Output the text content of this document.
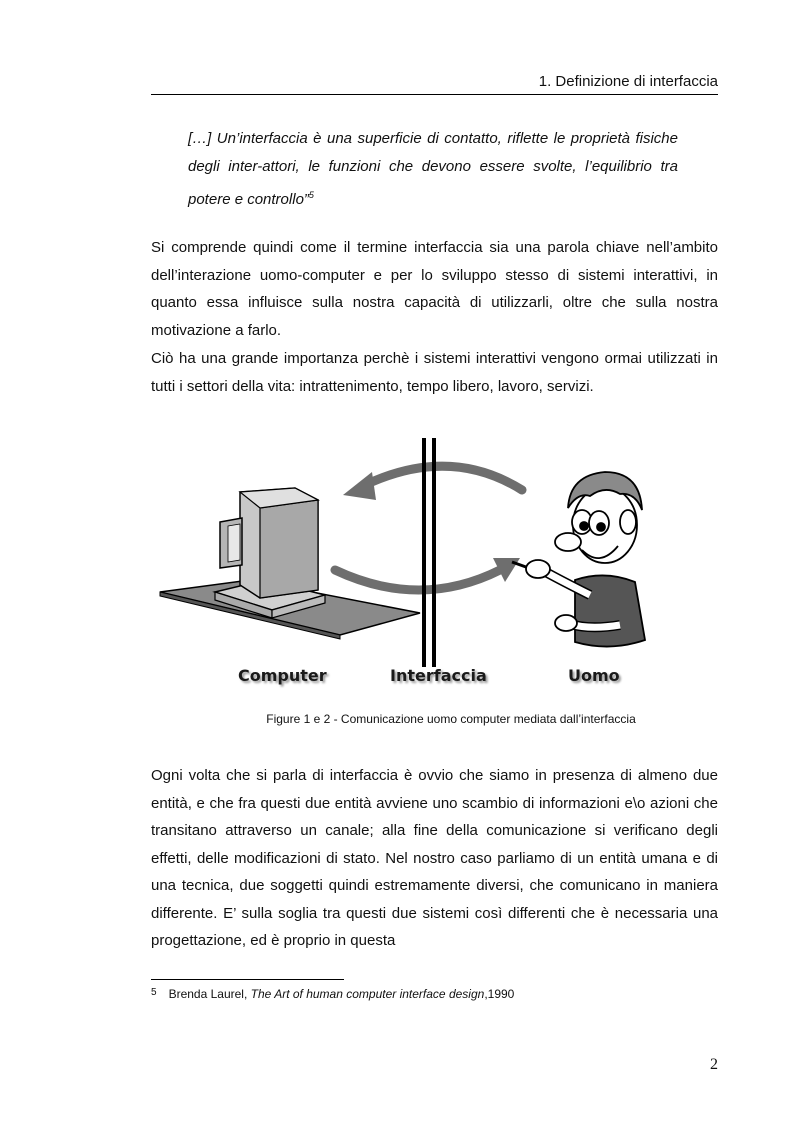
1. Definizione di interfaccia
[…] Un’interfaccia è una superficie di contatto, riflette le proprietà fisiche degli inter-attori, le funzioni che devono essere svolte, l’equilibrio tra potere e controllo”$^5$

Si comprende quindi come il termine interfaccia sia una parola chiave nell’ambito dell’interazione uomo-computer e per lo sviluppo stesso di sistemi interattivi, in quanto essa influisce sulla nostra capacità di utilizzarli, oltre che sulla nostra motivazione a farlo.

Ciò ha una grande importanza perchè i sistemi interattivi vengono ormai utilizzati in tutti i settori della vita: intrattenimento, tempo libero, lavoro, servizi.

Computer	Interfaccia	Uomo
Figure 1 e 2 - Comunicazione uomo computer mediata dall’interfaccia

Ogni volta che si parla di interfaccia è ovvio che siamo in presenza di almeno due entità, e che fra questi due entità avviene uno scambio di informazioni e\o azioni che transitano attraverso un canale; alla fine della comunicazione si verificano degli effetti, delle modificazioni di stato. Nel nostro caso parliamo di un entità umana e di una tecnica, due soggetti quindi estremamente diversi, che comunicano in maniera differente. E’ sulla soglia tra questi due sistemi così differenti che è necessaria una progettazione, ed è proprio in questa

$^5$ Brenda Laurel, The Art of human computer interface design,1990
2
